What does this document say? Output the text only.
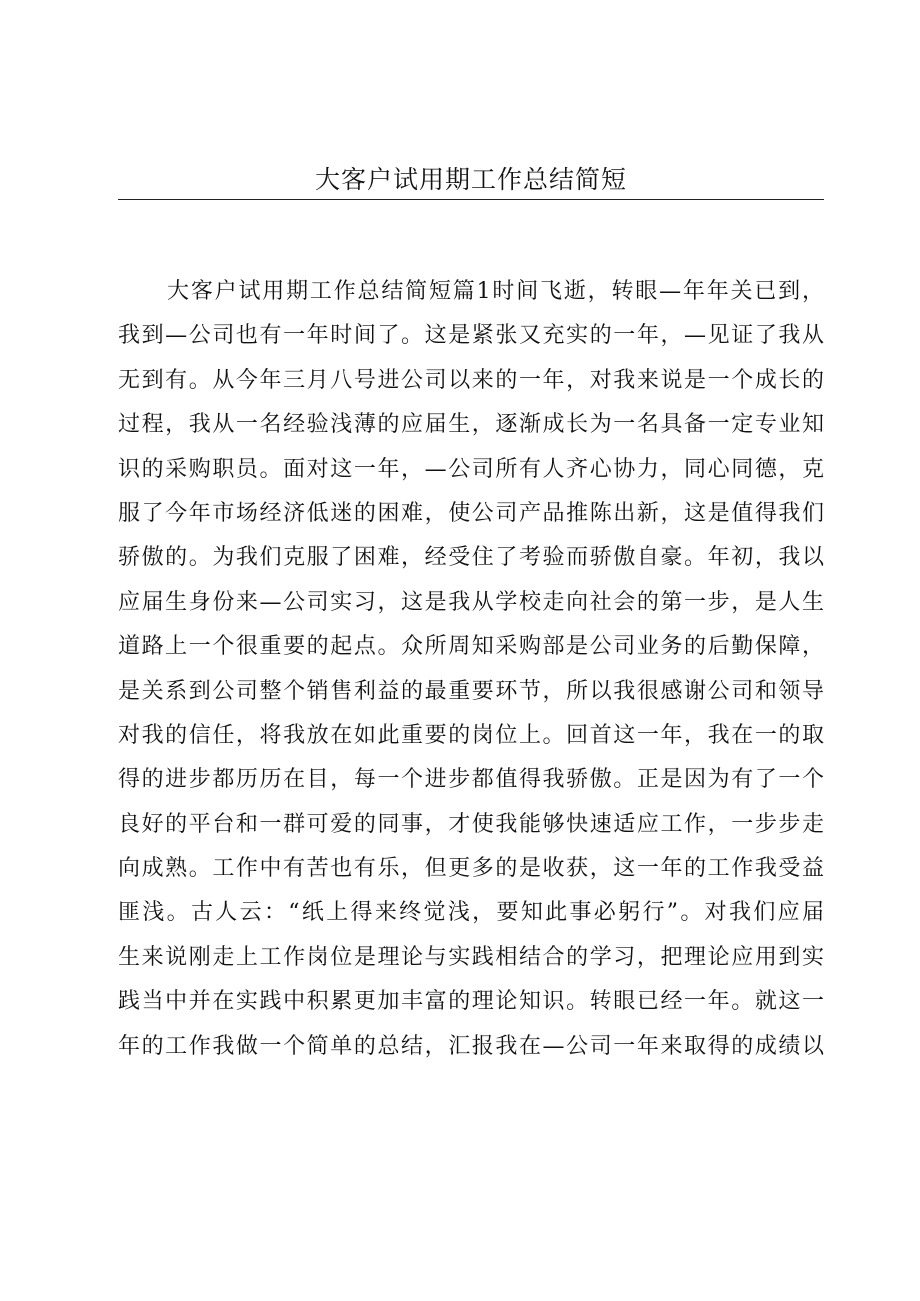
大客户试用期工作总结简短
大客户试用期工作总结简短篇1时间飞逝，转眼—年年关已到，
我到—公司也有一年时间了。这是紧张又充实的一年，—见证了我从
无到有。从今年三月八号进公司以来的一年，对我来说是一个成长的
过程，我从一名经验浅薄的应届生，逐渐成长为一名具备一定专业知
识的采购职员。面对这一年，—公司所有人齐心协力，同心同德，克
服了今年市场经济低迷的困难，使公司产品推陈出新，这是值得我们
骄傲的。为我们克服了困难，经受住了考验而骄傲自豪。年初，我以
应届生身份来—公司实习，这是我从学校走向社会的第一步，是人生
道路上一个很重要的起点。众所周知采购部是公司业务的后勤保障，
是关系到公司整个销售利益的最重要环节，所以我很感谢公司和领导
对我的信任，将我放在如此重要的岗位上。回首这一年，我在一的取
得的进步都历历在目，每一个进步都值得我骄傲。正是因为有了一个
良好的平台和一群可爱的同事，才使我能够快速适应工作，一步步走
向成熟。工作中有苦也有乐，但更多的是收获，这一年的工作我受益
匪浅。古人云：“纸上得来终觉浅，要知此事必躬行”。对我们应届
生来说刚走上工作岗位是理论与实践相结合的学习，把理论应用到实
践当中并在实践中积累更加丰富的理论知识。转眼已经一年。就这一
年的工作我做一个简单的总结，汇报我在—公司一年来取得的成绩以
